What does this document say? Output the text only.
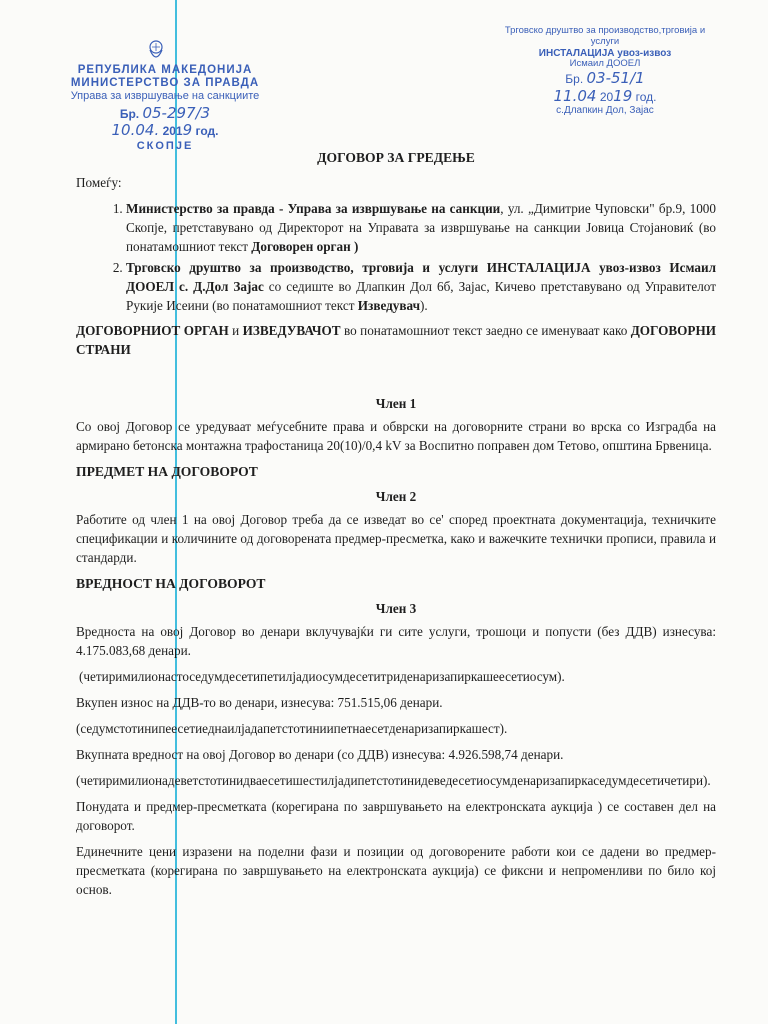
РЕПУБЛИКА МАКЕДОНИЈА
МИНИСТЕРСТВО ЗА ПРАВДА
Управа за извршување на санкциите
Бр. 05-297/3
10.04. 2019 год.
СКОПЈЕ
Трговско друштво за производство,трговија и услуги
ИНСТАЛАЦИЈА увоз-извоз
Исмаил ДООЕЛ
Бр. 03-51/1
11.04 2019 год.
с.Длапкин Дол, Зајас
ДОГОВОР ЗА ГРЕДЕЊЕ
Помеѓу:
1. Министерство за правда - Управа за извршување на санкции, ул. „Димитрие Чуповски" бр.9, 1000 Скопје, претставувано од Директорот на Управата за извршување на санкции Јовица Стојановиќ (во понатамошниот текст Договорен орган )
2. Трговско друштво за производство, трговија и услуги ИНСТАЛАЦИЈА увоз-извоз Исмаил ДООЕЛ с. Д.Дол Зајас со седиште во Длапкин Дол 6б, Зајас, Кичево претставувано од Управителот Рукије Исеини (во понатамошниот текст Изведувач).
ДОГОВОРНИОТ ОРГАН и ИЗВЕДУВАЧОТ во понатамошниот текст заедно се именуваат како ДОГОВОРНИ СТРАНИ
Член 1
Со овој Договор се уредуваат меѓусебните права и обврски на договорните страни во врска со Изградба на армирано бетонска монтажна трафостаница 20(10)/0,4 kV за Воспитно поправен дом Тетово, општина Брвеница.
ПРЕДМЕТ НА ДОГОВОРОТ
Член 2
Работите од член 1 на овој Договор треба да се изведат во се' според проектната документација, техничките спецификации и количините од договорената предмер-пресметка, како и важечките технички прописи, правила и стандарди.
ВРЕДНОСТ НА ДОГОВОРОТ
Член 3
Вредноста на овој Договор во денари вклучувајќи ги сите услуги, трошоци и попусти (без ДДВ) изнесува: 4.175.083,68 денари.
(четиримилионастоседумдесетипетилјадиосумдесетитриденаризапиркашеесетиосум).
Вкупен износ на ДДВ-то во денари, изнесува: 751.515,06 денари.
(седумстотинипеесетиеднаилјадапетстотиниипетнаесетденаризапиркашест).
Вкупната вредност на овој Договор во денари (со ДДВ) изнесува: 4.926.598,74 денари.
(четиримилионадеветстотинидваесетишестилјадипетстотинидеведесетиосумденаризапиркаседумдесетичетири).
Понудата и предмер-пресметката (корегирана по завршувањето на електронската аукција ) се составен дел на договорот.
Единечните цени изразени на поделни фази и позиции од договорените работи кои се дадени во предмер-пресметката (корегирана по завршувањето на електронската аукција) се фиксни и непроменливи по било кој основ.
